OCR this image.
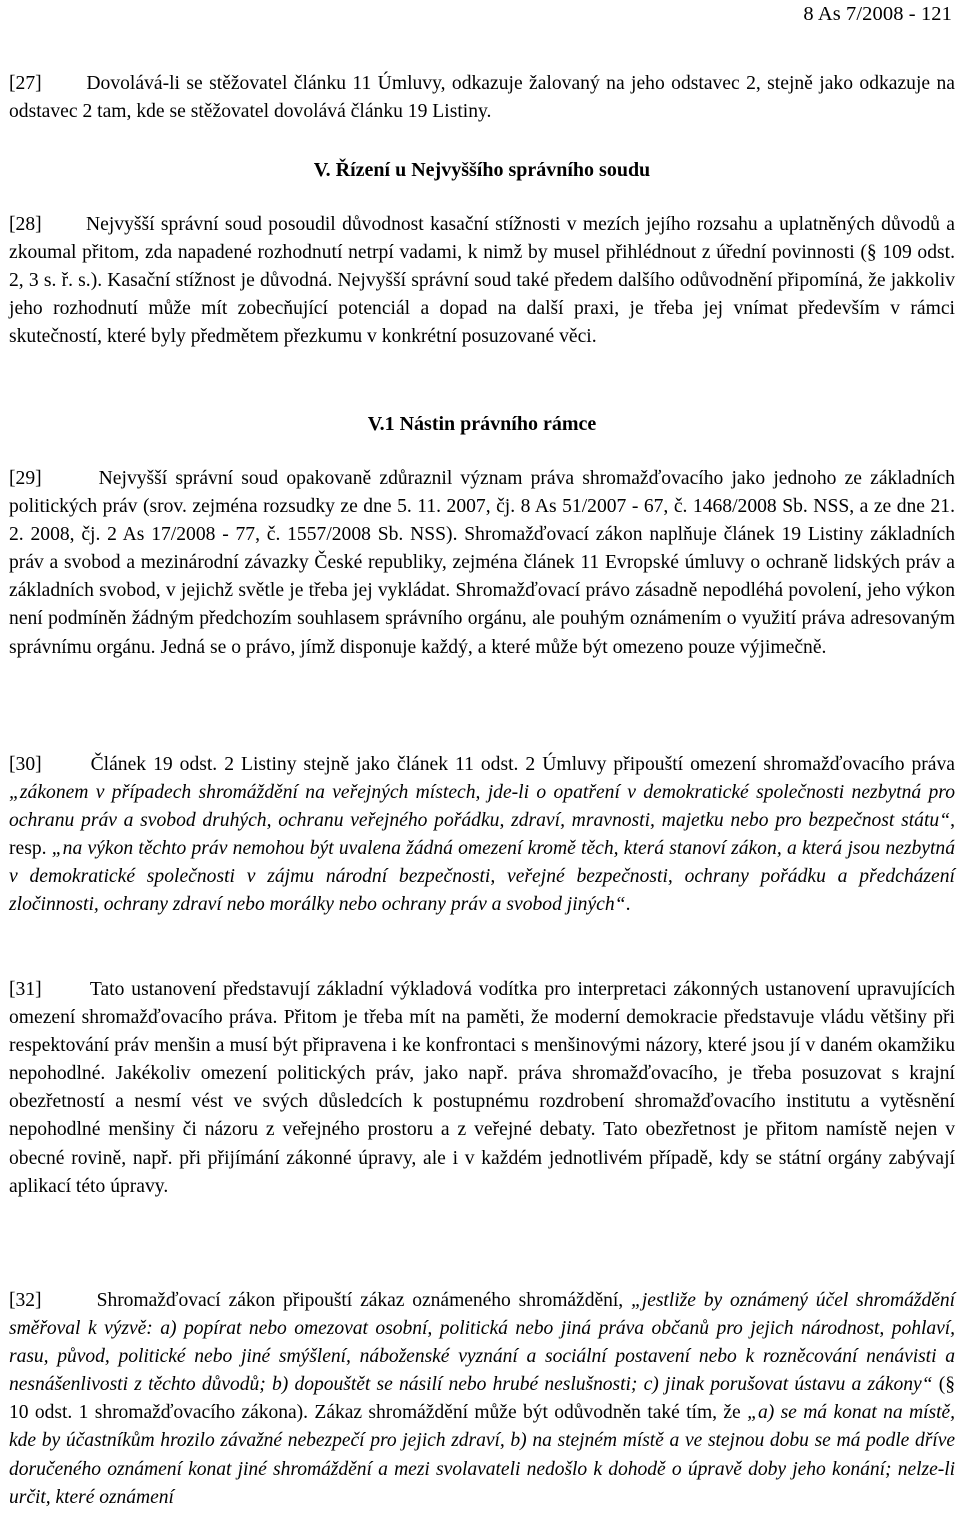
8 As 7/2008 - 121
[27] Dovolává-li se stěžovatel článku 11 Úmluvy, odkazuje žalovaný na jeho odstavec 2, stejně jako odkazuje na odstavec 2 tam, kde se stěžovatel dovolává článku 19 Listiny.
V. Řízení u Nejvyššího správního soudu
[28] Nejvyšší správní soud posoudil důvodnost kasační stížnosti v mezích jejího rozsahu a uplatněných důvodů a zkoumal přitom, zda napadené rozhodnutí netrpí vadami, k nimž by musel přihlédnout z úřední povinnosti (§ 109 odst. 2, 3 s. ř. s.). Kasační stížnost je důvodná. Nejvyšší správní soud také předem dalšího odůvodnění připomíná, že jakkoliv jeho rozhodnutí může mít zobecňující potenciál a dopad na další praxi, je třeba jej vnímat především v rámci skutečností, které byly předmětem přezkumu v konkrétní posuzované věci.
V.1 Nástin právního rámce
[29]	Nejvyšší správní soud opakovaně zdůraznil význam práva shromažďovacího jako jednoho ze základních politických práv (srov. zejména rozsudky ze dne 5. 11. 2007, čj. 8 As 51/2007 - 67, č. 1468/2008 Sb. NSS, a ze dne 21. 2. 2008, čj. 2 As 17/2008 - 77, č. 1557/2008 Sb. NSS). Shromažďovací zákon naplňuje článek 19 Listiny základních práv a svobod a mezinárodní závazky České republiky, zejména článek 11 Evropské úmluvy o ochraně lidských práv a základních svobod, v jejichž světle je třeba jej vykládat. Shromažďovací právo zásadně nepodléhá povolení, jeho výkon není podmíněn žádným předchozím souhlasem správního orgánu, ale pouhým oznámením o využití práva adresovaným správnímu orgánu. Jedná se o právo, jímž disponuje každý, a které může být omezeno pouze výjimečně.
[30] Článek 19 odst. 2 Listiny stejně jako článek 11 odst. 2 Úmluvy připouští omezení shromažďovacího práva „zákonem v případech shromáždění na veřejných místech, jde-li o opatření v demokratické společnosti nezbytná pro ochranu práv a svobod druhých, ochranu veřejného pořádku, zdraví, mravnosti, majetku nebo pro bezpečnost státu“, resp. „na výkon těchto práv nemohou být uvalena žádná omezení kromě těch, která stanoví zákon, a která jsou nezbytná v demokratické společnosti v zájmu národní bezpečnosti, veřejné bezpečnosti, ochrany pořádku a předcházení zločinnosti, ochrany zdraví nebo morálky nebo ochrany práv a svobod jiných“.
[31] Tato ustanovení představují základní výkladová vodítka pro interpretaci zákonných ustanovení upravujících omezení shromažďovacího práva. Přitom je třeba mít na paměti, že moderní demokracie představuje vládu většiny při respektování práv menšin a musí být připravena i ke konfrontaci s menšinovými názory, které jsou jí v daném okamžiku nepohodlné. Jakékoliv omezení politických práv, jako např. práva shromažďovacího, je třeba posuzovat s krajní obezřetností a nesmí vést ve svých důsledcích k postupnému rozdrobení shromažďovacího institutu a vytěsnění nepohodlné menšiny či názoru z veřejného prostoru a z veřejné debaty. Tato obezřetnost je přitom namístě nejen v obecné rovině, např. při přijímání zákonné úpravy, ale i v každém jednotlivém případě, kdy se státní orgány zabývají aplikací této úpravy.
[32]	Shromažďovací zákon připouští zákaz oznámeného shromáždění, „jestliže by oznámený účel shromáždění směřoval k výzvě: a) popírat nebo omezovat osobní, politická nebo jiná práva občanů pro jejich národnost, pohlaví, rasu, původ, politické nebo jiné smýšlení, náboženské vyznání a sociální postavení nebo k rozněcování nenávisti a nesnášenlivosti z těchto důvodů; b) dopouštět se násilí nebo hrubé neslušnosti; c) jinak porušovat ústavu a zákony“ (§ 10 odst. 1 shromažďovacího zákona). Zákaz shromáždění může být odůvodněn také tím, že „a) se má konat na místě, kde by účastníkům hrozilo závažné nebezpečí pro jejich zdraví, b) na stejném místě a ve stejnou dobu se má podle dříve doručeného oznámení konat jiné shromáždění a mezi svolavateli nedošlo k dohodě o úpravě doby jeho konání; nelze-li určit, které oznámení
